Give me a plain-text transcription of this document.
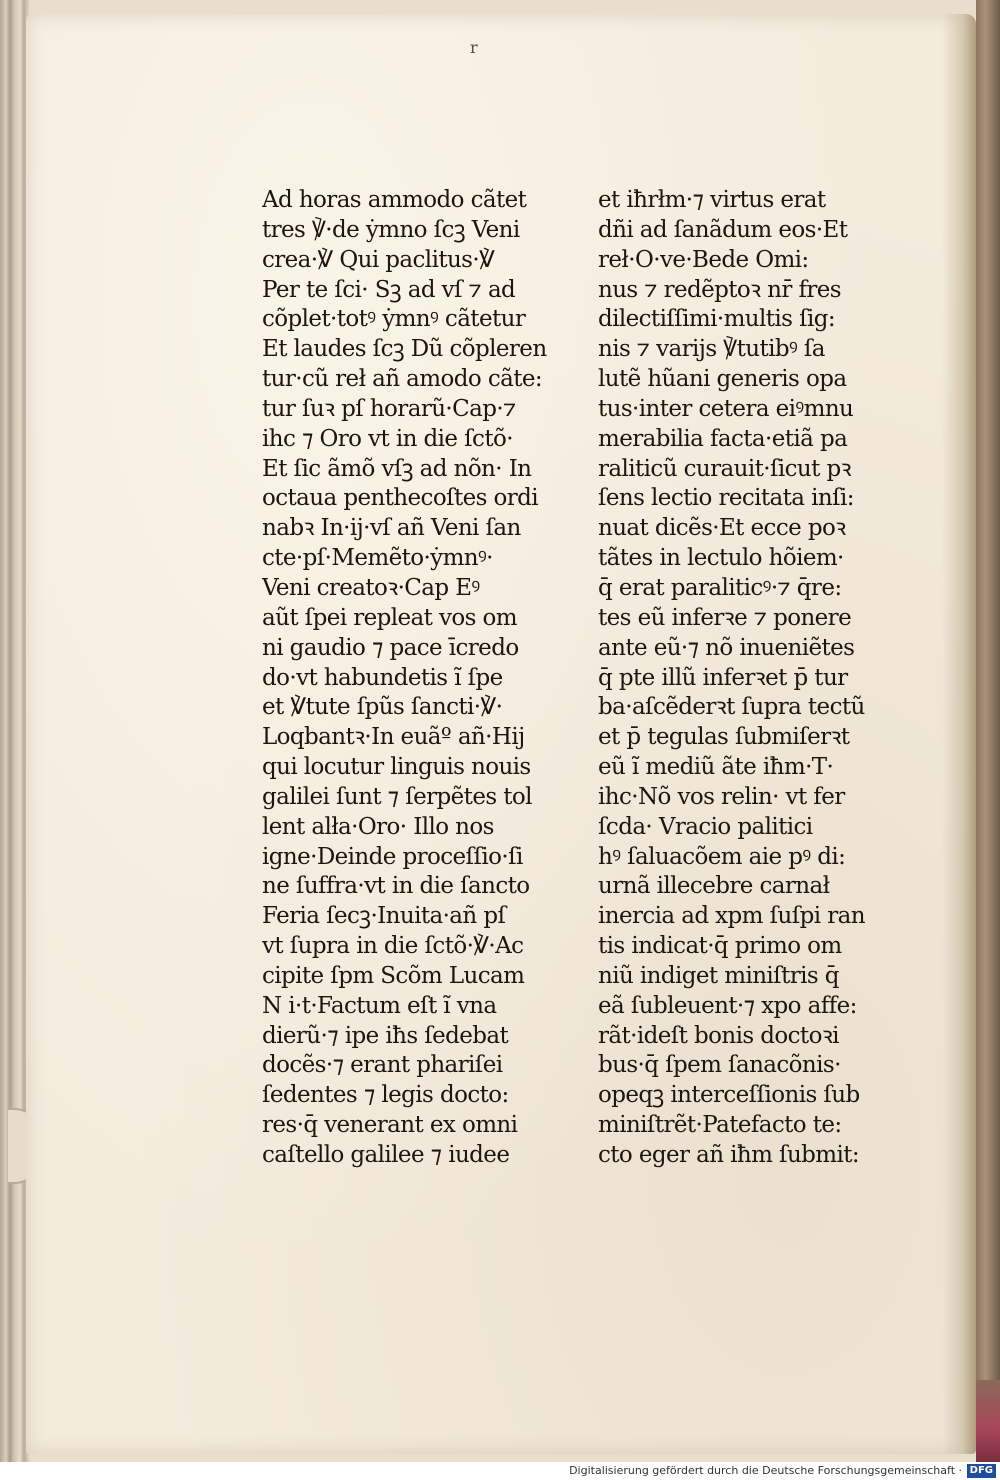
r
Ad horas ammodo cãtet
tres ℣·de ẏmno ſcꝫ Veni
crea·℣ Qui paclitus·℣
Per te ſci· Sꝫ ad vſ ⁊ ad
cõplet·totꝰ ẏmnꝰ cãtetur
Et laudes ſcꝫ Dũ cõpleren
tur·cũ reł añ amodo cãte:
tur ſuꝛ pſ horarũ·Cap·⁊
ihc ⁊ Oro vt in die ſctõ·
Et ſic ãmõ vſꝫ ad nõn· In
octaua penthecoſtes ordi
nabꝛ In·ij·vſ añ Veni ſan
cte·pſ·Memẽto·ẏmnꝰ·
Veni creatoꝛ·Cap Eꝰ
aũt ſpei repleat vos om
ni gaudio ⁊ pace īcredo
do·vt habundetis ĩ ſpe
et ℣tute ſpũs ſancti·℣·
Loqbantꝛ·In euãº añ·Hij
qui locutur linguis nouis
galilei ſunt ⁊ ſerpẽtes tol
lent alła·Oro· Illo nos
igne·Deinde proceſſio·ſi
ne ſuffra·vt in die ſancto
Feria ſecꝫ·Inuita·añ pſ
vt ſupra in die ſctõ·℣·Ac
cipite ſpm Scõm Lucam
N i·t·Factum eſt ĩ vna
dierũ·⁊ ipe iħs ſedebat
docẽs·⁊ erant phariſei
ſedentes ⁊ legis docto:
res·q̄ venerant ex omni
caſtello galilee ⁊ iudee
et iħrłm·⁊ virtus erat
dñi ad ſanãdum eos·Et
reł·O·ve·Bede Omi:
nus ⁊ redẽptoꝛ nr̄ fres
dilectiſſimi·multis ſig:
nis ⁊ varijs ℣tutibꝰ ſa
lutẽ hũani generis opa
tus·inter cetera eiꝰmnu
merabilia facta·etiã pa
raliticũ curauit·ſicut pꝛ
ſens lectio recitata inſi:
nuat dicẽs·Et ecce poꝛ
tãtes in lectulo hõiem·
q̄ erat paraliticꝰ·⁊ q̄re:
tes eũ inferꝛe ⁊ ponere
ante eũ·⁊ nõ inueniẽtes
q̄ pte illũ inferꝛet p̄ tur
ba·aſcẽderꝛt ſupra tectũ
et p̄ tegulas ſubmiſerꝛt
eũ ĩ mediũ ãte iħm·T·
ihc·Nõ vos relin· vt fer
ſcda· Vracio palitici
hꝰ ſaluacõem aie pꝰ di:
urnã illecebre carnał
inercia ad xpm ſuſpi ran
tis indicat·q̄ primo om
niũ indiget miniſtris q̄
eã ſubleuent·⁊ xpo affe:
rãt·ideſt bonis doctoꝛi
bus·q̄ ſpem ſanacõnis·
opeqꝫ interceſſionis ſub
miniſtrẽt·Patefacto te:
cto eger añ iħm ſubmit:
Digitalisierung gefördert durch die Deutsche Forschungsgemeinschaft · DFG
